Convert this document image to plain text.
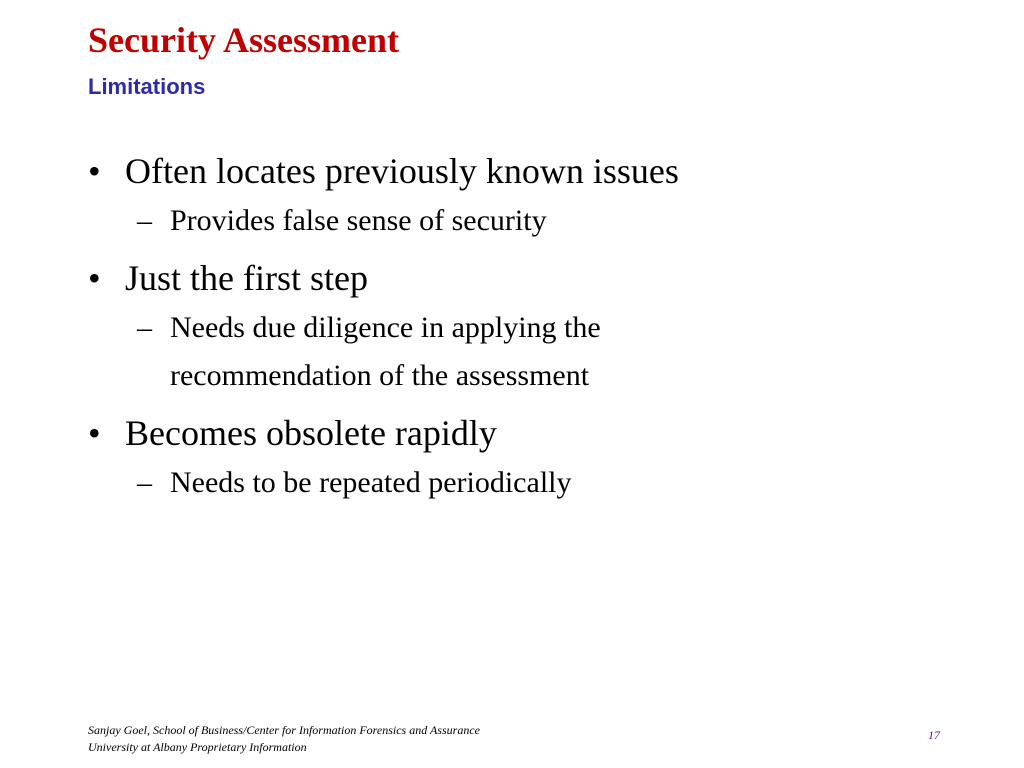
Security Assessment
Limitations

• Often locates previously known issues

– Provides false sense of security

• Just the first step

– Needs due diligence in applying the recommendation of the assessment

• Becomes obsolete rapidly

– Needs to be repeated periodically

Sanjay Goel, School of Business/Center for Information Forensics and Assurance
University at Albany Proprietary Information
17
